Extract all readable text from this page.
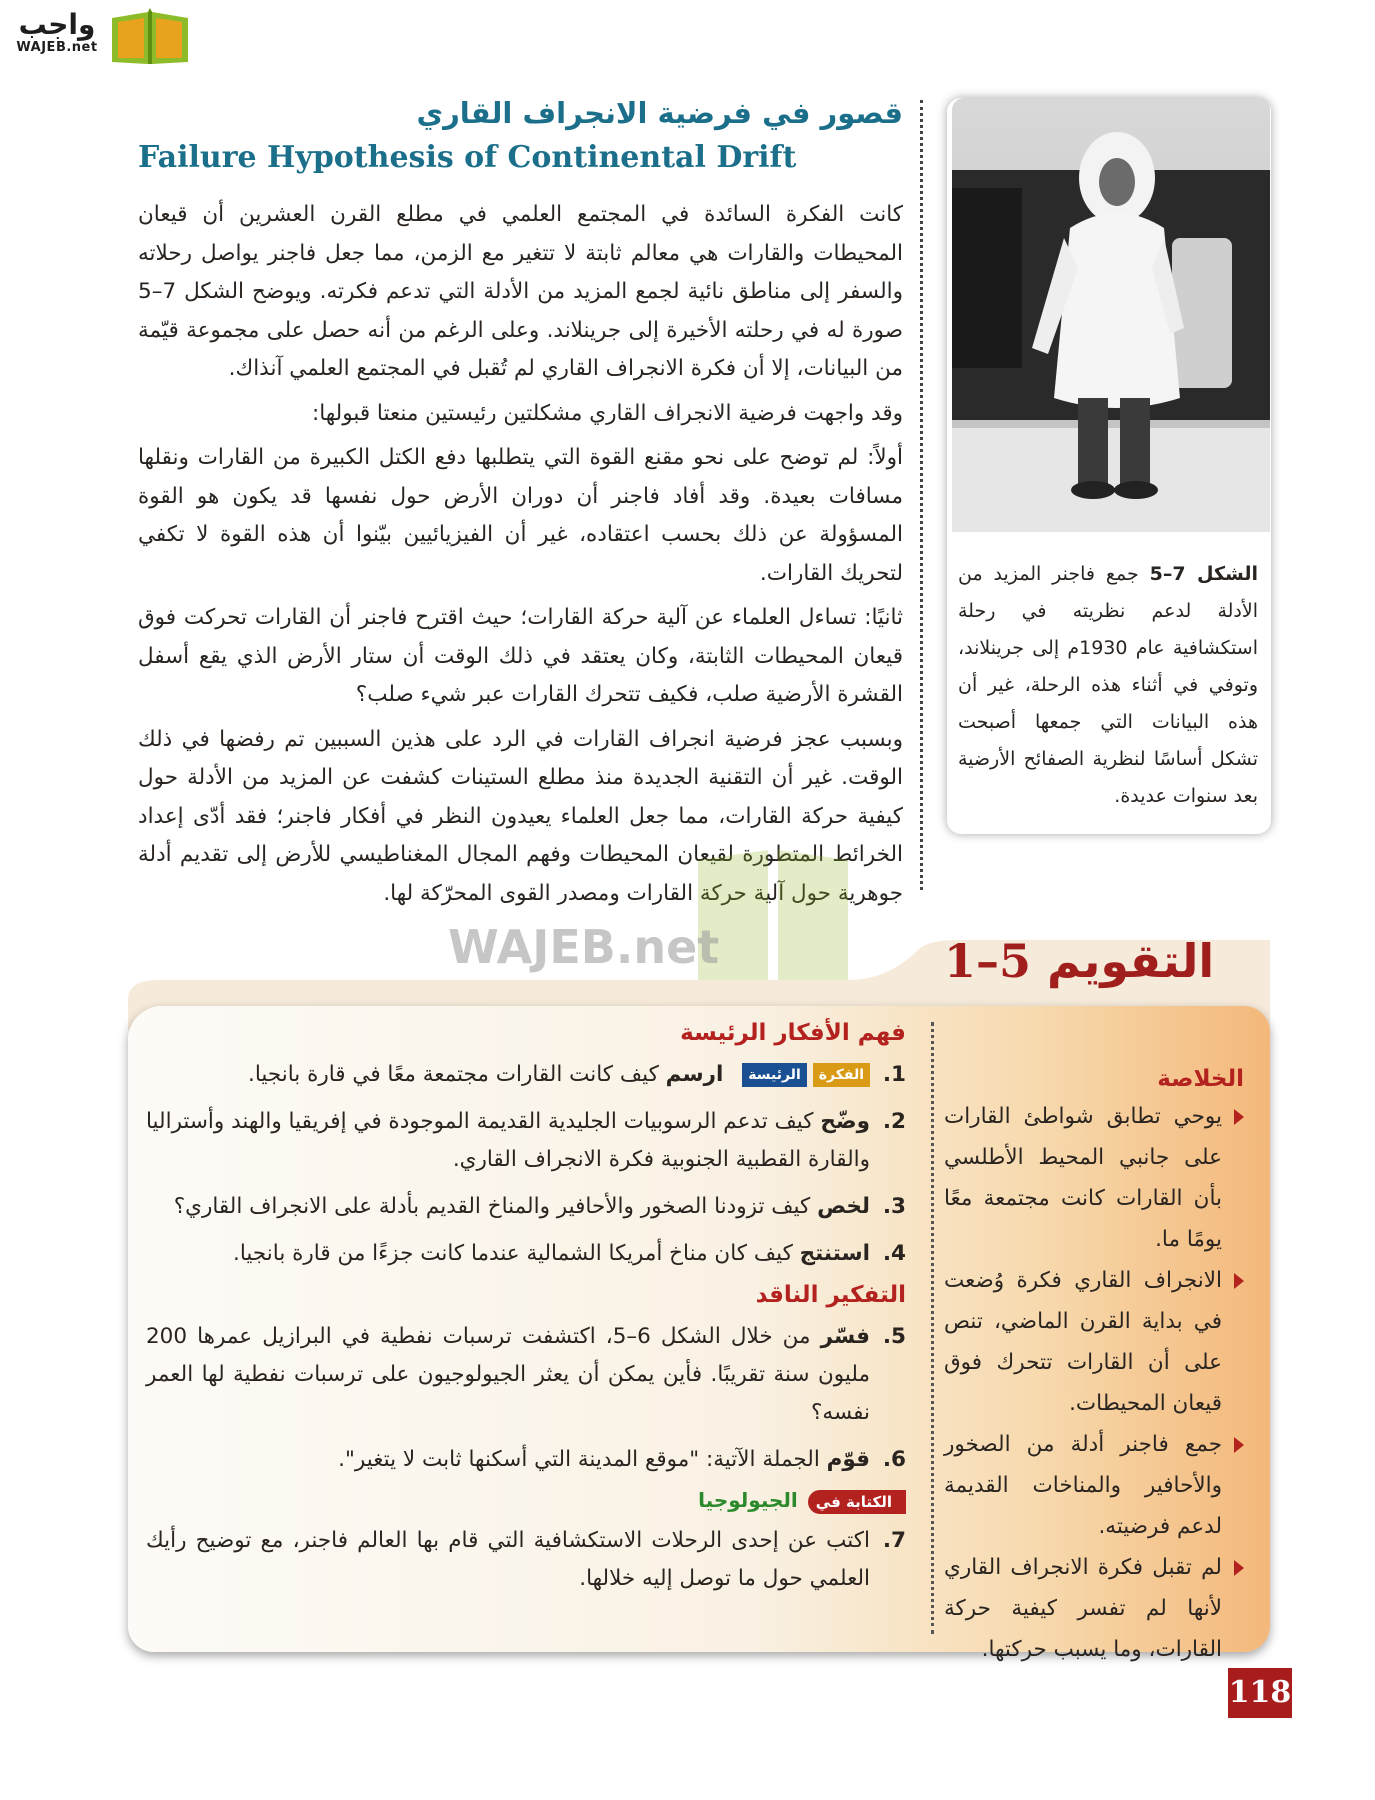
واجب
WAJEB.net
قصور في فرضية الانجراف القاري
Failure Hypothesis of Continental Drift

كانت الفكرة السائدة في المجتمع العلمي في مطلع القرن العشرين أن قيعان المحيطات والقارات هي معالم ثابتة لا تتغير مع الزمن، مما جعل فاجنر يواصل رحلاته والسفر إلى مناطق نائية لجمع المزيد من الأدلة التي تدعم فكرته. ويوضح الشكل 7–5 صورة له في رحلته الأخيرة إلى جرينلاند. وعلى الرغم من أنه حصل على مجموعة قيّمة من البيانات، إلا أن فكرة الانجراف القاري لم تُقبل في المجتمع العلمي آنذاك.

وقد واجهت فرضية الانجراف القاري مشكلتين رئيستين منعتا قبولها:

أولاً: لم توضح على نحو مقنع القوة التي يتطلبها دفع الكتل الكبيرة من القارات ونقلها مسافات بعيدة. وقد أفاد فاجنر أن دوران الأرض حول نفسها قد يكون هو القوة المسؤولة عن ذلك بحسب اعتقاده، غير أن الفيزيائيين بيّنوا أن هذه القوة لا تكفي لتحريك القارات.

ثانيًا: تساءل العلماء عن آلية حركة القارات؛ حيث اقترح فاجنر أن القارات تحركت فوق قيعان المحيطات الثابتة، وكان يعتقد في ذلك الوقت أن ستار الأرض الذي يقع أسفل القشرة الأرضية صلب، فكيف تتحرك القارات عبر شيء صلب؟

وبسبب عجز فرضية انجراف القارات في الرد على هذين السببين تم رفضها في ذلك الوقت. غير أن التقنية الجديدة منذ مطلع الستينات كشفت عن المزيد من الأدلة حول كيفية حركة القارات، مما جعل العلماء يعيدون النظر في أفكار فاجنر؛ فقد أدّى إعداد الخرائط المتطورة لقيعان المحيطات وفهم المجال المغناطيسي للأرض إلى تقديم أدلة جوهرية حول آلية حركة القارات ومصدر القوى المحرّكة لها.

الشكل 7–5 جمع فاجنر المزيد من الأدلة لدعم نظريته في رحلة استكشافية عام 1930م إلى جرينلاند، وتوفي في أثناء هذه الرحلة، غير أن هذه البيانات التي جمعها أصبحت تشكل أساسًا لنظرية الصفائح الأرضية بعد سنوات عديدة.
WAJEB.net	التقويم 5–1
الخلاصة
يوحي تطابق شواطئ القارات على جانبي المحيط الأطلسي بأن القارات كانت مجتمعة معًا يومًا ما.
الانجراف القاري فكرة وُضعت في بداية القرن الماضي، تنص على أن القارات تتحرك فوق قيعان المحيطات.
جمع فاجنر أدلة من الصخور والأحافير والمناخات القديمة لدعم فرضيته.
لم تقبل فكرة الانجراف القاري لأنها لم تفسر كيفية حركة القارات، وما يسبب حركتها.
فهم الأفكار الرئيسة
1.
الفكرةالرئيسة ارسم كيف كانت القارات مجتمعة معًا في قارة بانجيا.
2.
وضّح كيف تدعم الرسوبيات الجليدية القديمة الموجودة في إفريقيا والهند وأستراليا والقارة القطبية الجنوبية فكرة الانجراف القاري.
3.
لخص كيف تزودنا الصخور والأحافير والمناخ القديم بأدلة على الانجراف القاري؟
4.
استنتج كيف كان مناخ أمريكا الشمالية عندما كانت جزءًا من قارة بانجيا.
التفكير الناقد
5.
فسّر من خلال الشكل 6–5، اكتشفت ترسبات نفطية في البرازيل عمرها 200 مليون سنة تقريبًا. فأين يمكن أن يعثر الجيولوجيون على ترسبات نفطية لها العمر نفسه؟
6.
قوّم الجملة الآتية: "موقع المدينة التي أسكنها ثابت لا يتغير".
الكتابة فيالجيولوجيا
7.
اكتب عن إحدى الرحلات الاستكشافية التي قام بها العالم فاجنر، مع توضيح رأيك العلمي حول ما توصل إليه خلالها.
118
